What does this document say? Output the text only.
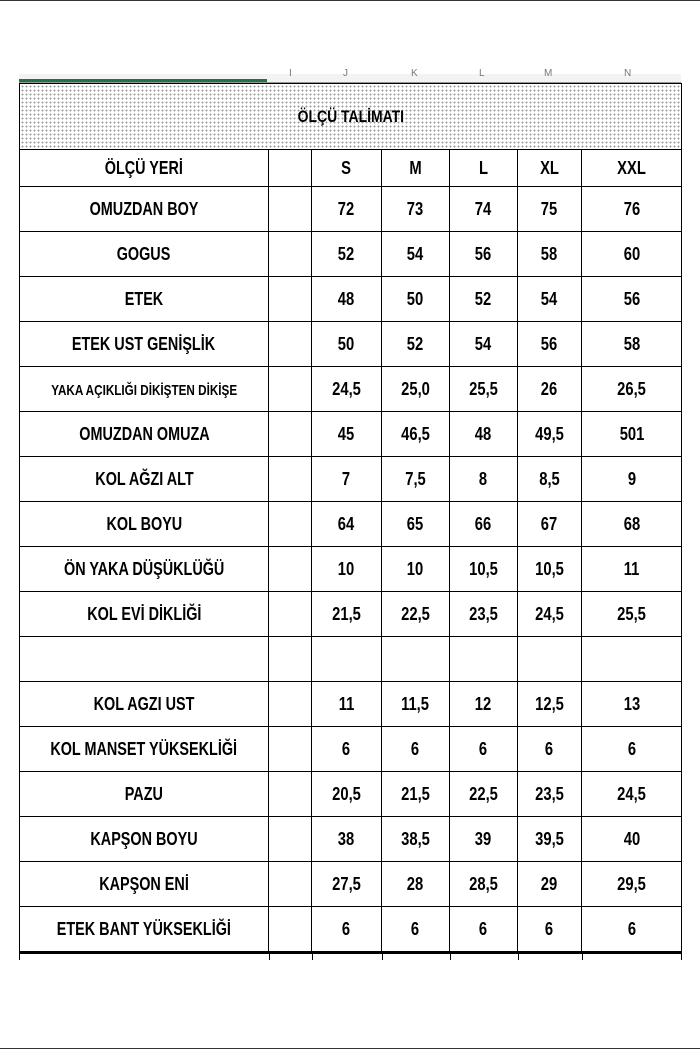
I	J	K	L	M	N
ÖLÇÜ TALİMATI						
ÖLÇÜ YERİ		S	M	L	XL	XXL
OMUZDAN BOY		72	73	74	75	76
GOGUS		52	54	56	58	60
ETEK		48	50	52	54	56
ETEK UST GENİŞLİK		50	52	54	56	58
YAKA AÇIKLIĞI DİKİŞTEN DİKİŞE		24,5	25,0	25,5	26	26,5
OMUZDAN OMUZA		45	46,5	48	49,5	501
KOL AĞZI ALT		7	7,5	8	8,5	9
KOL BOYU		64	65	66	67	68
ÖN YAKA DÜŞÜKLÜĞÜ		10	10	10,5	10,5	11
KOL EVİ DİKLİĞİ		21,5	22,5	23,5	24,5	25,5

KOL AGZI UST		11	11,5	12	12,5	13
KOL MANSET YÜKSEKLİĞİ		6	6	6	6	6
PAZU		20,5	21,5	22,5	23,5	24,5
KAPŞON BOYU		38	38,5	39	39,5	40
KAPŞON ENİ		27,5	28	28,5	29	29,5
ETEK BANT YÜKSEKLİĞİ		6	6	6	6	6
